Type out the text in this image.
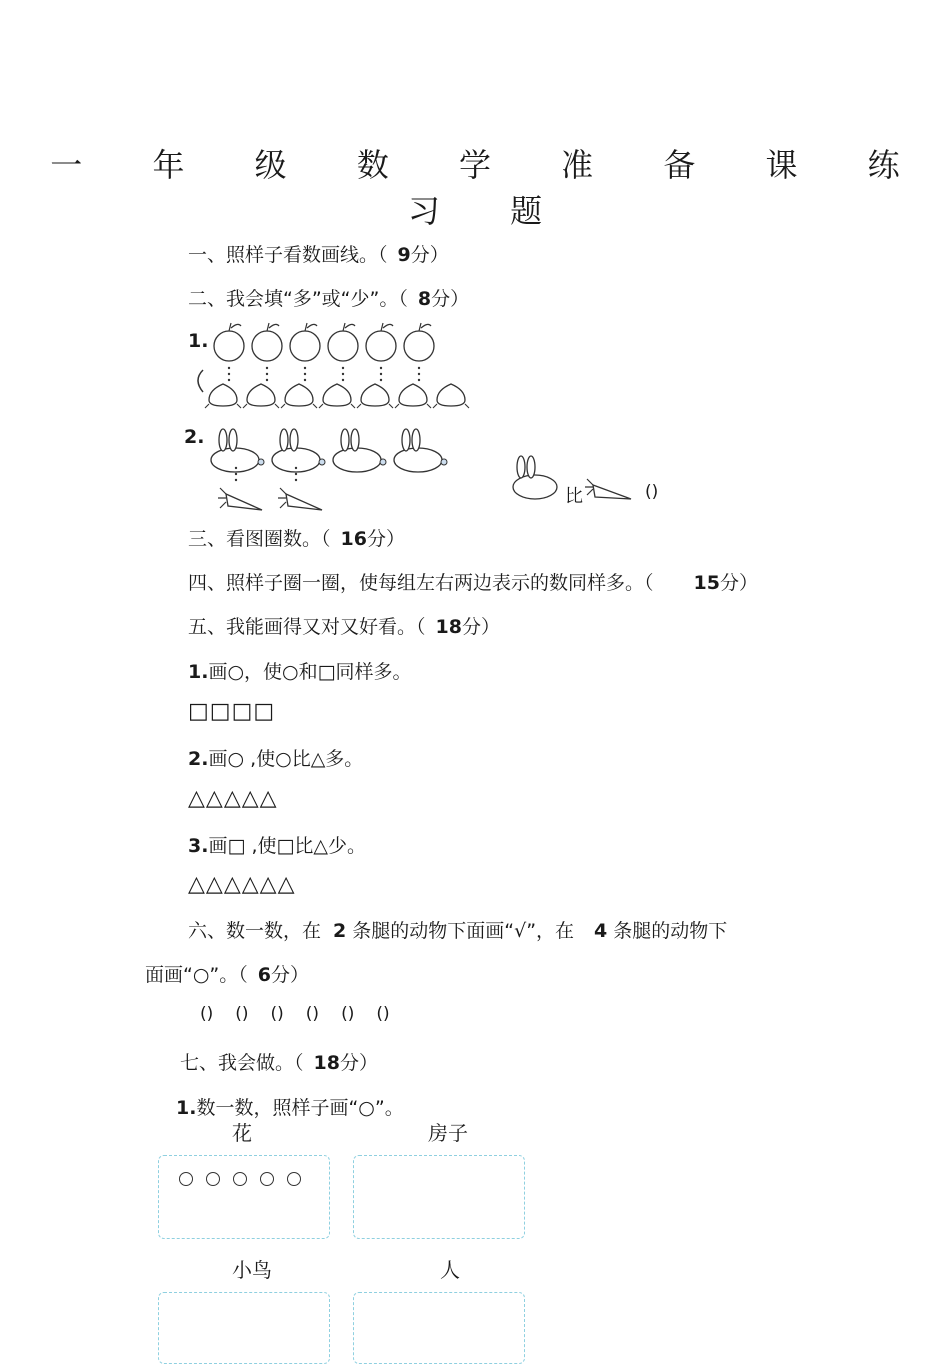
一 年 级 数 学 准 备 课 练 习 题
一、照样子看数画线。（ 9分）
二、我会填“多”或“少”。（ 8分）
1.
2.
比	()
三、看图圈数。（ 16分）
四、照样子圈一圈，使每组左右两边表示的数同样多。（ 15分）
五、我能画得又对又好看。（ 18分）
1.画○，使○和□同样多。
□□□□
2.画○ ,使○比△多。
△△△△△
3.画□ ,使□比△少。
△△△△△△
六、数一数，在 2 条腿的动物下面画“√”，在 4 条腿的动物下
面画“○”。（ 6分）
() () () () () ()
七、我会做。（ 18分）
1.数一数，照样子画“○”。
花	房子
小鸟	人
